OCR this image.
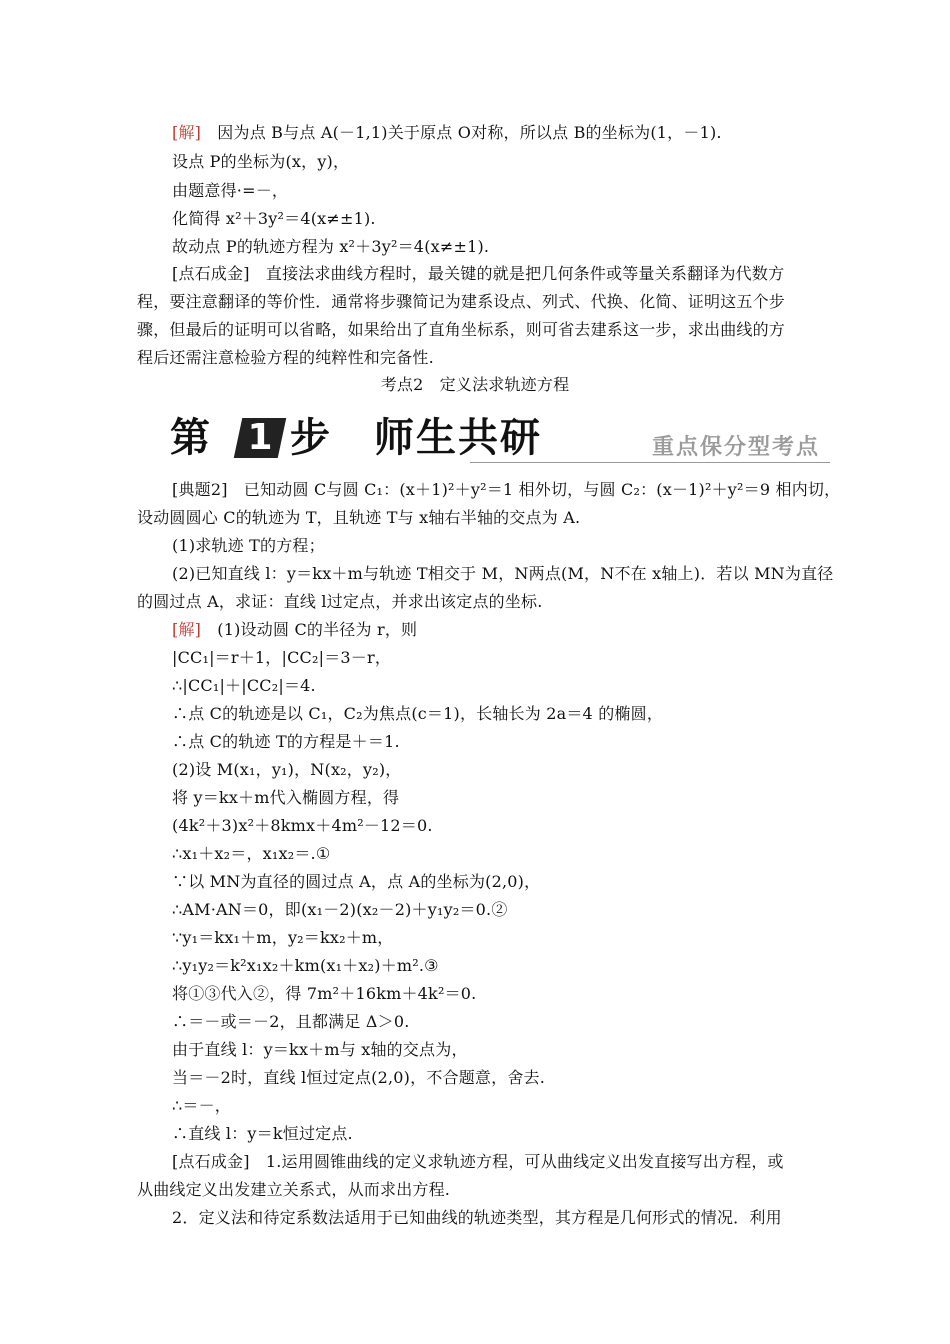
[解]　 因为点 B与点 A(－1,1)关于原点 O对称，所以点 B的坐标为(1，－1).
设点 P的坐标为(x，y)，
由题意得·=－，
化简得 x²＋3y²＝4(x≠±1).
故动点 P的轨迹方程为 x²＋3y²＝4(x≠±1).
[点石成金]　直接法求曲线方程时，最关键的就是把几何条件或等量关系翻译为代数方
程，要注意翻译的等价性．通常将步骤简记为建系设点、列式、代换、化简、证明这五个步
骤，但最后的证明可以省略，如果给出了直角坐标系，则可省去建系这一步，求出曲线的方
程后还需注意检验方程的纯粹性和完备性.
考点2　定义法求轨迹方程
第 1 步　师生共研	重点保分型考点
[典题2]　已知动圆 C与圆 C₁：(x＋1)²＋y²＝1 相外切，与圆 C₂：(x－1)²＋y²＝9 相内切，
设动圆圆心 C的轨迹为 T，且轨迹 T与 x轴右半轴的交点为 A.
(1)求轨迹 T的方程；
(2)已知直线 l：y＝kx＋m与轨迹 T相交于 M，N两点(M，N不在 x轴上)．若以 MN为直径
的圆过点 A，求证：直线 l过定点，并求出该定点的坐标.
[解]　 (1)设动圆 C的半径为 r，则
|CC₁|＝r＋1，|CC₂|＝3－r，
∴|CC₁|＋|CC₂|＝4.
∴点 C的轨迹是以 C₁，C₂为焦点(c＝1)，长轴长为 2a＝4 的椭圆，
∴点 C的轨迹 T的方程是＋＝1.
(2)设 M(x₁，y₁)，N(x₂，y₂)，
将 y＝kx＋m代入椭圆方程，得
(4k²＋3)x²＋8kmx＋4m²－12＝0.
∴x₁＋x₂＝，x₁x₂＝.①
∵以 MN为直径的圆过点 A，点 A的坐标为(2,0)，
∴AM·AN＝0，即(x₁－2)(x₂－2)＋y₁y₂＝0.②
∵y₁＝kx₁＋m，y₂＝kx₂＋m，
∴y₁y₂＝k²x₁x₂＋km(x₁＋x₂)＋m².③
将①③代入②，得 7m²＋16km＋4k²＝0.
∴＝－或＝－2，且都满足 Δ＞0.
由于直线 l：y＝kx＋m与 x轴的交点为，
当＝－2时，直线 l恒过定点(2,0)，不合题意，舍去.
∴＝－，
∴直线 l：y＝k恒过定点.
[点石成金]　1.运用圆锥曲线的定义求轨迹方程，可从曲线定义出发直接写出方程，或
从曲线定义出发建立关系式，从而求出方程.
2．定义法和待定系数法适用于已知曲线的轨迹类型，其方程是几何形式的情况．利用
